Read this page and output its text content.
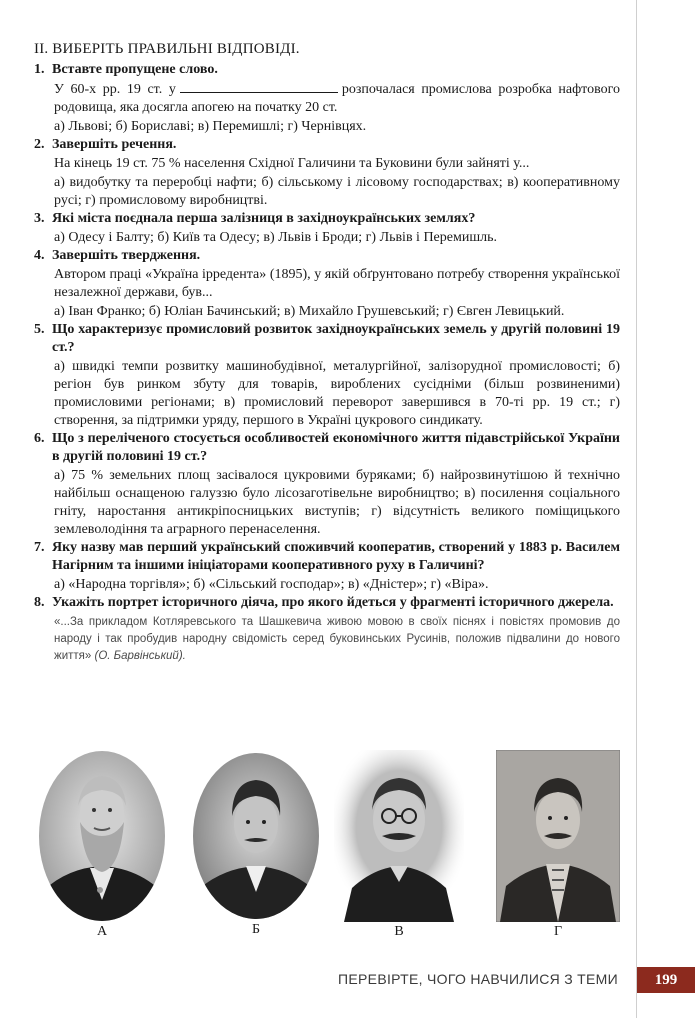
II. ВИБЕРІТЬ ПРАВИЛЬНІ ВІДПОВІДІ.
1. Вставте пропущене слово.
У 60-х рр. 19 ст. у	розпочалася промислова розробка нафтового родовища, яка досягла апогею на початку 20 ст.
а) Львові; б) Бориславі; в) Перемишлі; г) Чернівцях.
2. Завершіть речення.
На кінець 19 ст. 75 % населення Східної Галичини та Буковини були зайняті у...
а) видобутку та переробці нафти; б) сільському і лісовому господарствах; в) кооперативному русі; г) промисловому виробництві.
3. Які міста поєднала перша залізниця в західноукраїнських землях?
а) Одесу і Балту; б) Київ та Одесу; в) Львів і Броди; г) Львів і Перемишль.
4. Завершіть твердження.
Автором праці «Україна ірредента» (1895), у якій обґрунтовано потребу створення української незалежної держави, був...
а) Іван Франко; б) Юліан Бачинський; в) Михайло Грушевський; г) Євген Левицький.
5. Що характеризує промисловий розвиток західноукраїнських земель у другій половині 19 ст.?
а) швидкі темпи розвитку машинобудівної, металургійної, залізорудної промисловості; б) регіон був ринком збуту для товарів, вироблених сусідніми (більш розвиненими) промисловими регіонами; в) промисловий переворот завершився в 70-ті рр. 19 ст.; г) створення, за підтримки уряду, першого в Україні цукрового синдикату.
6. Що з переліченого стосується особливостей економічного життя підавстрійської України в другій половині 19 ст.?
а) 75 % земельних площ засівалося цукровими буряками; б) найрозвинутішою й технічно найбільш оснащеною галуззю було лісозаготівельне виробництво; в) посилення соціального гніту, наростання антикріпосницьких виступів; г) відсутність великого поміщицького землеволодіння та аграрного перенаселення.
7. Яку назву мав перший український споживчий кооператив, створений у 1883 р. Василем Нагірним та іншими ініціаторами кооперативного руху в Галичині?
а) «Народна торгівля»; б) «Сільський господар»; в) «Дністер»; г) «Віра».
8. Укажіть портрет історичного діяча, про якого йдеться у фрагменті історичного джерела.
«...За прикладом Котляревського та Шашкевича живою мовою в своїх піснях і повістях промовив до народу і так пробудив народну свідомість серед буковинських Русинів, положив підвалини до нового життя» (О. Барвінський).
А	Б	В	Г
ПЕРЕВІРТЕ, ЧОГО НАВЧИЛИСЯ З ТЕМИ	199
